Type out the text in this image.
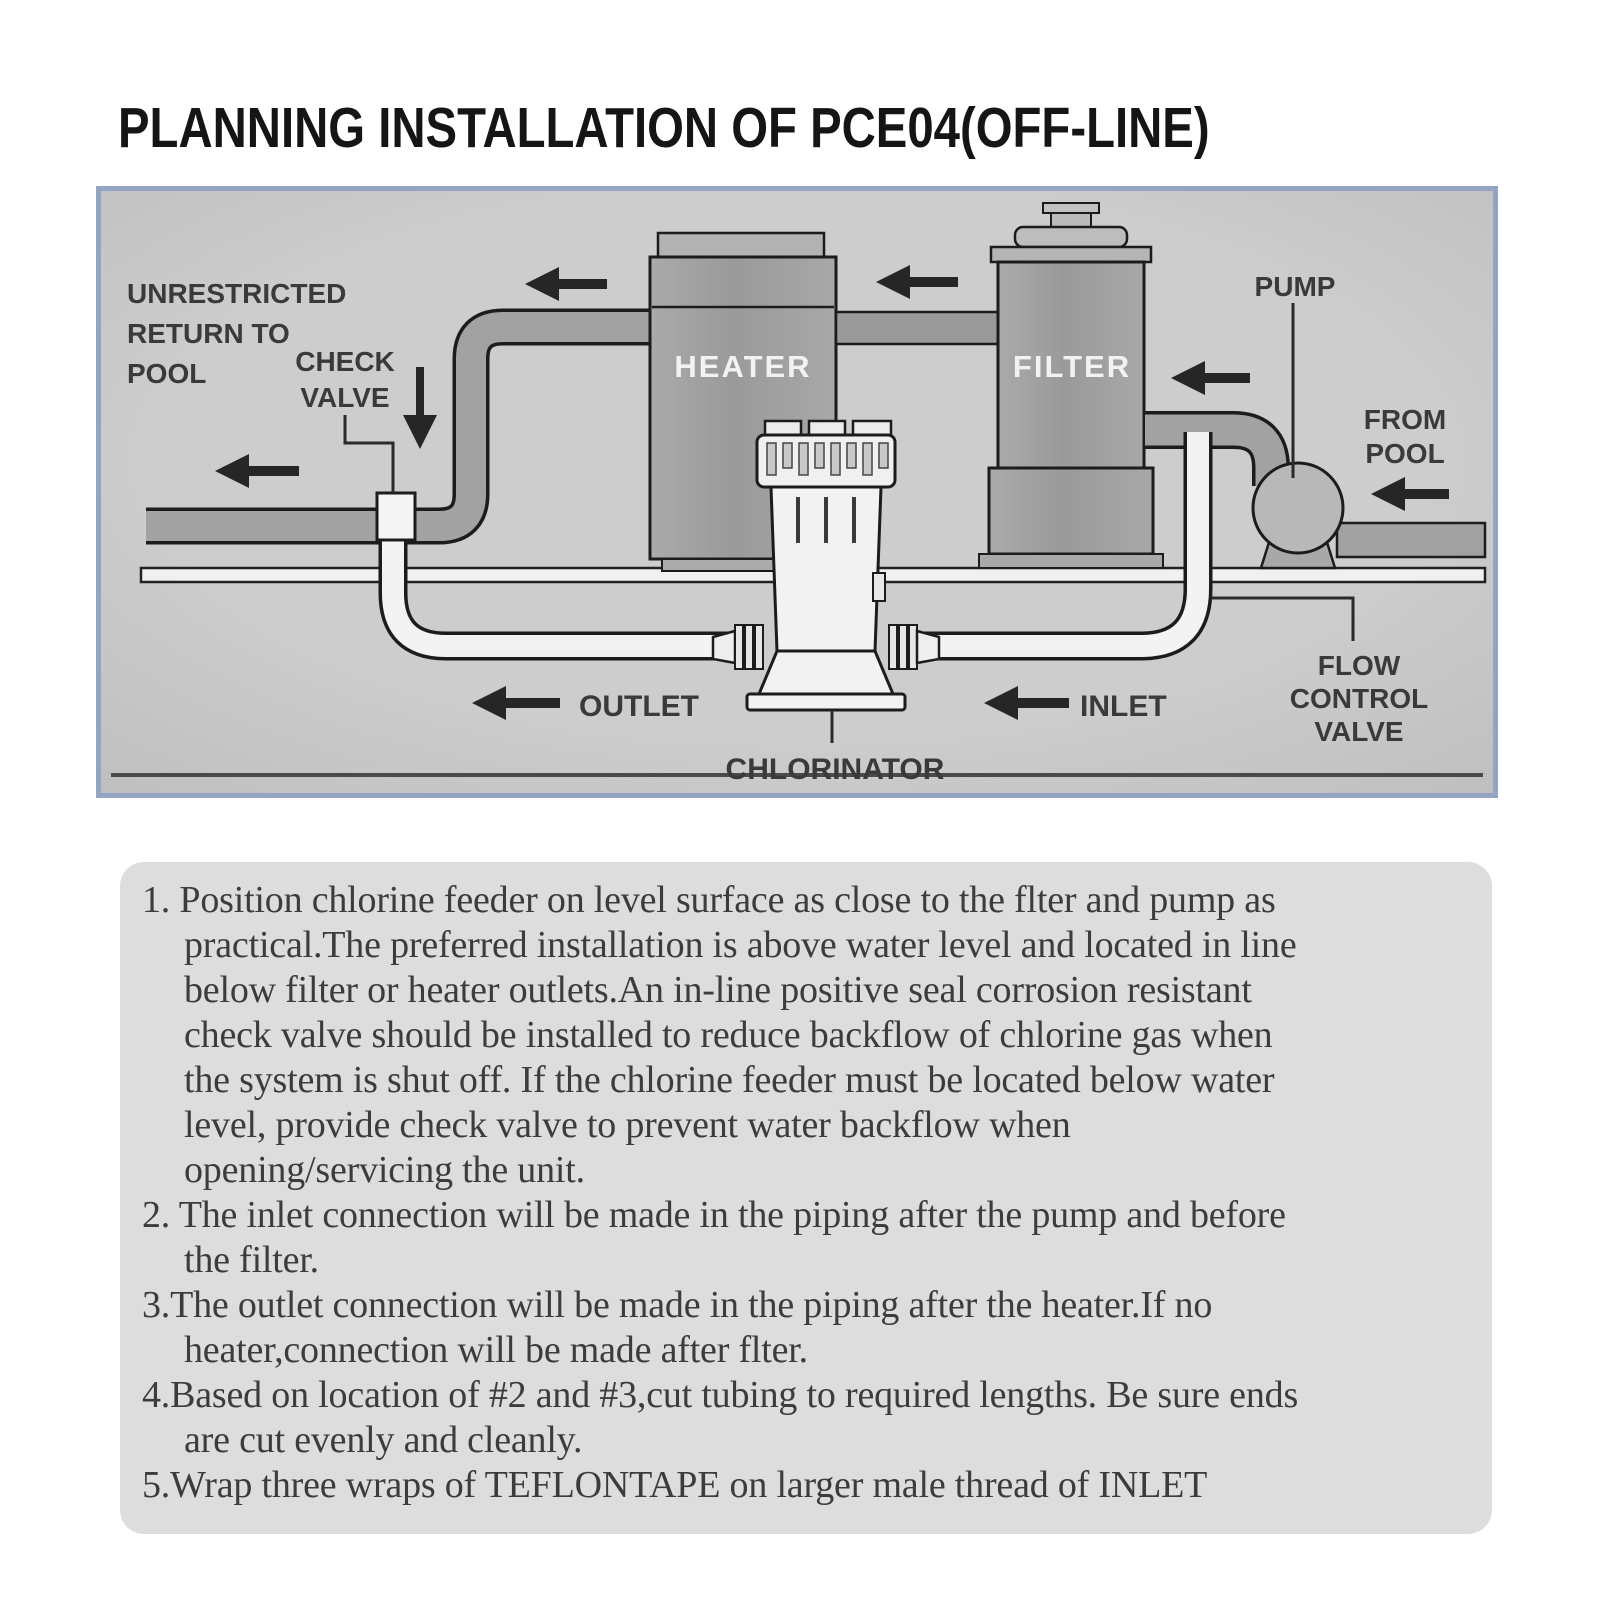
PLANNING INSTALLATION OF PCE04(OFF-LINE)
UNRESTRICTED
RETURN TO
POOL	CHECK
VALVE
HEATER	FILTER
PUMP
FROM
POOL
OUTLET	INLET
CHLORINATOR
FLOW
CONTROL
VALVE
1. Position chlorine feeder on level surface as close to the flter and pump as
practical.The preferred installation is above water level and located in line
below filter or heater outlets.An in-line positive seal corrosion resistant
check valve should be installed to reduce backflow of chlorine gas when
the system is shut off. If the chlorine feeder must be located below water
level, provide check valve to prevent water backflow when
opening/servicing the unit.
2. The inlet connection will be made in the piping after the pump and before
the filter.
3.The outlet connection will be made in the piping after the heater.If no
heater,connection will be made after flter.
4.Based on location of #2 and #3,cut tubing to required lengths. Be sure ends
are cut evenly and cleanly.
5.Wrap three wraps of TEFLONTAPE on larger male thread of INLET
